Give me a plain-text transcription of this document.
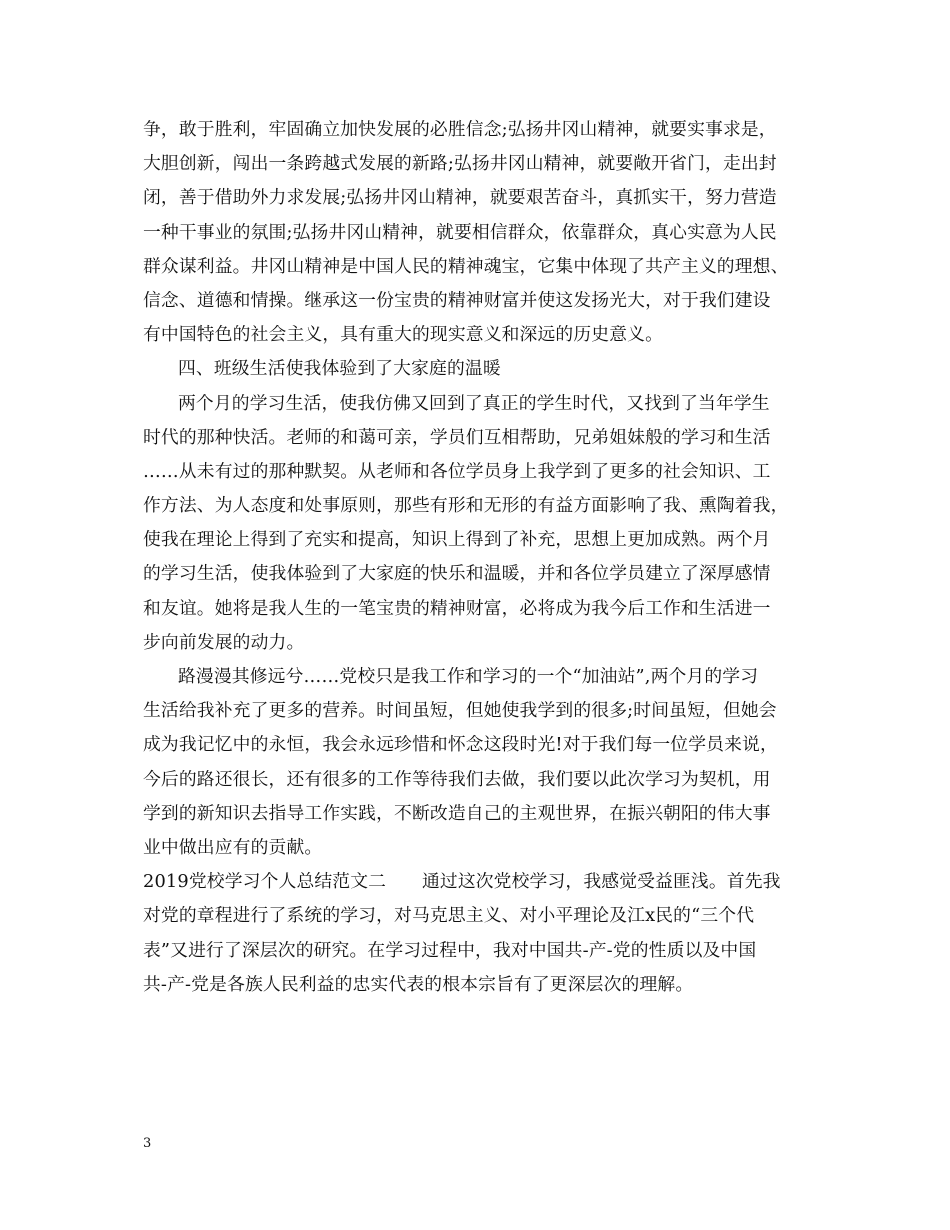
争，敢于胜利，牢固确立加快发展的必胜信念;弘扬井冈山精神，就要实事求是，
大胆创新，闯出一条跨越式发展的新路;弘扬井冈山精神，就要敞开省门，走出封
闭，善于借助外力求发展;弘扬井冈山精神，就要艰苦奋斗，真抓实干，努力营造
一种干事业的氛围;弘扬井冈山精神，就要相信群众，依靠群众，真心实意为人民
群众谋利益。井冈山精神是中国人民的精神魂宝，它集中体现了共产主义的理想、
信念、道德和情操。继承这一份宝贵的精神财富并使这发扬光大，对于我们建设
有中国特色的社会主义，具有重大的现实意义和深远的历史意义。
四、班级生活使我体验到了大家庭的温暖
两个月的学习生活，使我仿佛又回到了真正的学生时代，又找到了当年学生
时代的那种快活。老师的和蔼可亲，学员们互相帮助，兄弟姐妹般的学习和生活
……从未有过的那种默契。从老师和各位学员身上我学到了更多的社会知识、工
作方法、为人态度和处事原则，那些有形和无形的有益方面影响了我、熏陶着我，
使我在理论上得到了充实和提高，知识上得到了补充，思想上更加成熟。两个月
的学习生活，使我体验到了大家庭的快乐和温暖，并和各位学员建立了深厚感情
和友谊。她将是我人生的一笔宝贵的精神财富，必将成为我今后工作和生活进一
步向前发展的动力。
路漫漫其修远兮……党校只是我工作和学习的一个“加油站”,两个月的学习
生活给我补充了更多的营养。时间虽短，但她使我学到的很多;时间虽短，但她会
成为我记忆中的永恒，我会永远珍惜和怀念这段时光!对于我们每一位学员来说，
今后的路还很长，还有很多的工作等待我们去做，我们要以此次学习为契机，用
学到的新知识去指导工作实践，不断改造自己的主观世界，在振兴朝阳的伟大事
业中做出应有的贡献。
2019党校学习个人总结范文二　　通过这次党校学习，我感觉受益匪浅。首先我
对党的章程进行了系统的学习，对马克思主义、对小平理论及江x民的“三个代
表”又进行了深层次的研究。在学习过程中，我对中国共-产-党的性质以及中国
共-产-党是各族人民利益的忠实代表的根本宗旨有了更深层次的理解。
3
